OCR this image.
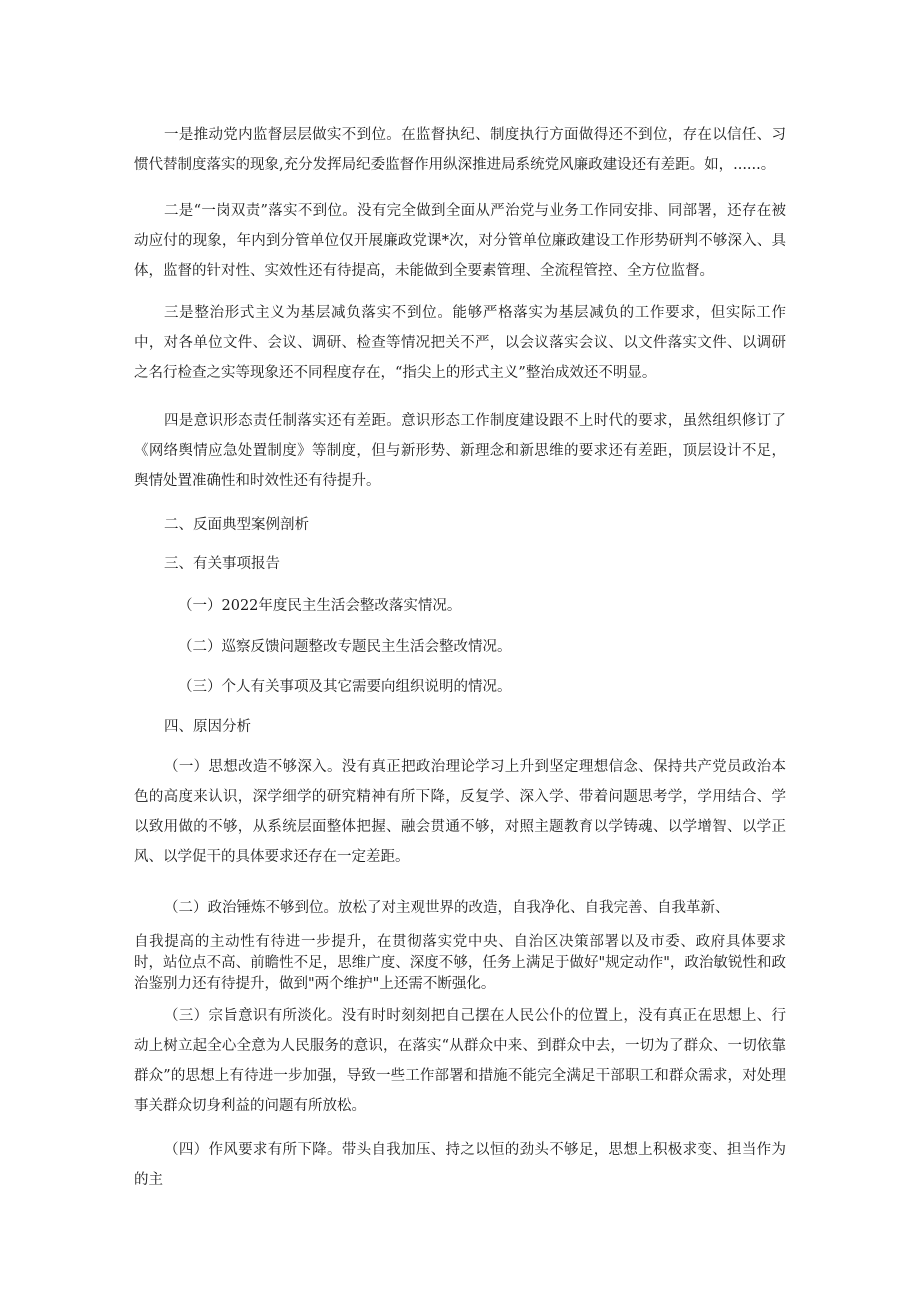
一是推动党内监督层层做实不到位。在监督执纪、制度执行方面做得还不到位，存在以信任、习惯代替制度落实的现象,充分发挥局纪委监督作用纵深推进局系统党风廉政建设还有差距。如，......。

二是“一岗双责”落实不到位。没有完全做到全面从严治党与业务工作同安排、同部署，还存在被动应付的现象，年内到分管单位仅开展廉政党课*次，对分管单位廉政建设工作形势研判不够深入、具体，监督的针对性、实效性还有待提高，未能做到全要素管理、全流程管控、全方位监督。

三是整治形式主义为基层减负落实不到位。能够严格落实为基层减负的工作要求，但实际工作中，对各单位文件、会议、调研、检查等情况把关不严，以会议落实会议、以文件落实文件、以调研之名行检查之实等现象还不同程度存在，“指尖上的形式主义”整治成效还不明显。

四是意识形态责任制落实还有差距。意识形态工作制度建设跟不上时代的要求，虽然组织修订了《网络舆情应急处置制度》等制度，但与新形势、新理念和新思维的要求还有差距，顶层设计不足，舆情处置准确性和时效性还有待提升。

二、反面典型案例剖析

三、有关事项报告

（一）2022年度民主生活会整改落实情况。

（二）巡察反馈问题整改专题民主生活会整改情况。

（三）个人有关事项及其它需要向组织说明的情况。

四、原因分析

（一）思想改造不够深入。没有真正把政治理论学习上升到坚定理想信念、保持共产党员政治本色的高度来认识，深学细学的研究精神有所下降，反复学、深入学、带着问题思考学，学用结合、学以致用做的不够，从系统层面整体把握、融会贯通不够，对照主题教育以学铸魂、以学增智、以学正风、以学促干的具体要求还存在一定差距。

（二）政治锤炼不够到位。放松了对主观世界的改造，自我净化、自我完善、自我革新、

自我提高的主动性有待进一步提升，在贯彻落实党中央、自治区决策部署以及市委、政府具体要求时，站位点不高、前瞻性不足，思维广度、深度不够，任务上满足于做好"规定动作"，政治敏锐性和政治鉴别力还有待提升，做到"两个维护"上还需不断强化。

（三）宗旨意识有所淡化。没有时时刻刻把自己摆在人民公仆的位置上，没有真正在思想上、行动上树立起全心全意为人民服务的意识，在落实“从群众中来、到群众中去，一切为了群众、一切依靠群众”的思想上有待进一步加强，导致一些工作部署和措施不能完全满足干部职工和群众需求，对处理事关群众切身利益的问题有所放松。

（四）作风要求有所下降。带头自我加压、持之以恒的劲头不够足，思想上积极求变、担当作为的主
